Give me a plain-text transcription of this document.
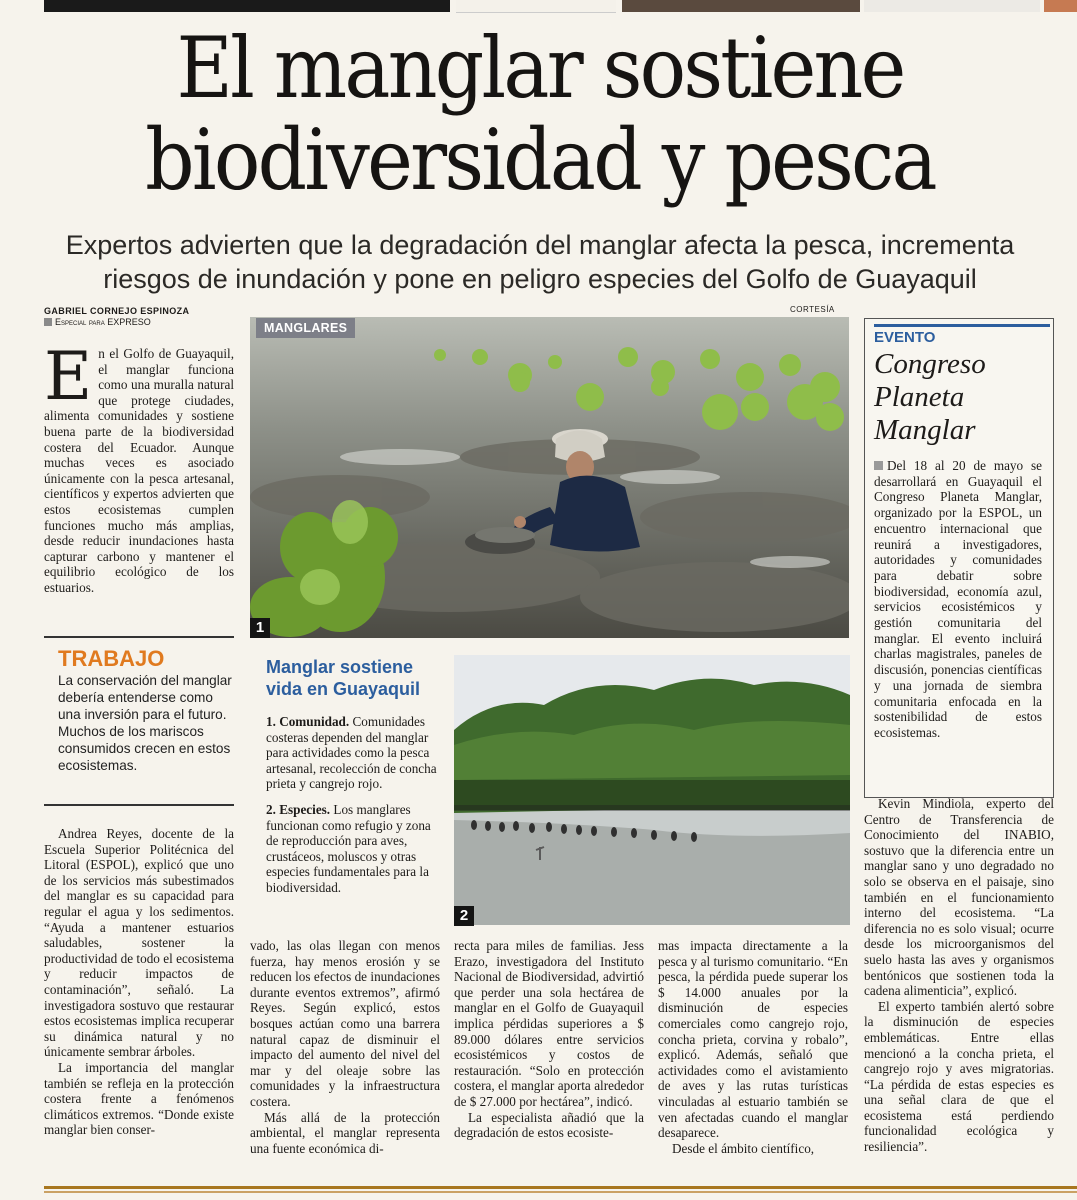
El manglar sostiene
biodiversidad y pesca
Expertos advierten que la degradación del manglar afecta la pesca, incrementa
riesgos de inundación y pone en peligro especies del Golfo de Guayaquil
GABRIEL CORNEJO ESPINOZA
Especial para EXPRESO
CORTESÍA
En el Golfo de Guayaquil, el manglar funciona como una muralla natural que protege ciudades, alimenta comunidades y sostiene buena parte de la biodiversidad costera del Ecuador. Aunque muchas veces es asociado únicamente con la pesca artesanal, científicos y expertos advierten que estos ecosistemas cumplen funciones mucho más amplias, desde reducir inundaciones hasta capturar carbono y mantener el equilibrio ecológico de los estuarios.
TRABAJO
La conservación del manglar debería entenderse como una inversión para el futuro. Muchos de los mariscos consumidos crecen en estos ecosistemas.
MANGLARES
1
EVENTO
Congreso Planeta Manglar
Del 18 al 20 de mayo se desarrollará en Guayaquil el Congreso Planeta Manglar, organizado por la ESPOL, un encuentro internacional que reunirá a investigadores, autoridades y comunidades para debatir sobre biodiversidad, economía azul, servicios ecosistémicos y gestión comunitaria del manglar. El evento incluirá charlas magistrales, paneles de discusión, ponencias científicas y una jornada de siembra comunitaria enfocada en la sostenibilidad de estos ecosistemas.
Manglar sostiene vida en Guayaquil

1. Comunidad. Comunidades costeras dependen del manglar para actividades como la pesca artesanal, recolección de concha prieta y cangrejo rojo.

2. Especies. Los manglares funcionan como refugio y zona de reproducción para aves, crustáceos, moluscos y otras especies fundamentales para la biodiversidad.

2

Andrea Reyes, docente de la Escuela Superior Politécnica del Litoral (ESPOL), explicó que uno de los servicios más subestimados del manglar es su capacidad para regular el agua y los sedimentos. “Ayuda a mantener estuarios saludables, sostener la productividad de todo el ecosistema y reducir impactos de contaminación”, señaló. La investigadora sostuvo que restaurar estos ecosistemas implica recuperar su dinámica natural y no únicamente sembrar árboles.

La importancia del manglar también se refleja en la protección costera frente a fenómenos climáticos extremos. “Donde existe manglar bien conser-

vado, las olas llegan con menos fuerza, hay menos erosión y se reducen los efectos de inundaciones durante eventos extremos”, afirmó Reyes. Según explicó, estos bosques actúan como una barrera natural capaz de disminuir el impacto del aumento del nivel del mar y del oleaje sobre las comunidades y la infraestructura costera.

Más allá de la protección ambiental, el manglar representa una fuente económica di-

recta para miles de familias. Jess Erazo, investigadora del Instituto Nacional de Biodiversidad, advirtió que perder una sola hectárea de manglar en el Golfo de Guayaquil implica pérdidas superiores a $ 89.000 dólares entre servicios ecosistémicos y costos de restauración. “Solo en protección costera, el manglar aporta alrededor de $ 27.000 por hectárea”, indicó.

La especialista añadió que la degradación de estos ecosiste-

mas impacta directamente a la pesca y al turismo comunitario. “En pesca, la pérdida puede superar los $ 14.000 anuales por la disminución de especies comerciales como cangrejo rojo, concha prieta, corvina y robalo”, explicó. Además, señaló que actividades como el avistamiento de aves y las rutas turísticas vinculadas al estuario también se ven afectadas cuando el manglar desaparece.

Desde el ámbito científico,

Kevin Mindiola, experto del Centro de Transferencia de Conocimiento del INABIO, sostuvo que la diferencia entre un manglar sano y uno degradado no solo se observa en el paisaje, sino también en el funcionamiento interno del ecosistema. “La diferencia no es solo visual; ocurre desde los microorganismos del suelo hasta las aves y organismos bentónicos que sostienen toda la cadena alimenticia”, explicó.

El experto también alertó sobre la disminución de especies emblemáticas. Entre ellas mencionó a la concha prieta, el cangrejo rojo y aves migratorias. “La pérdida de estas especies es una señal clara de que el ecosistema está perdiendo funcionalidad ecológica y resiliencia”.
